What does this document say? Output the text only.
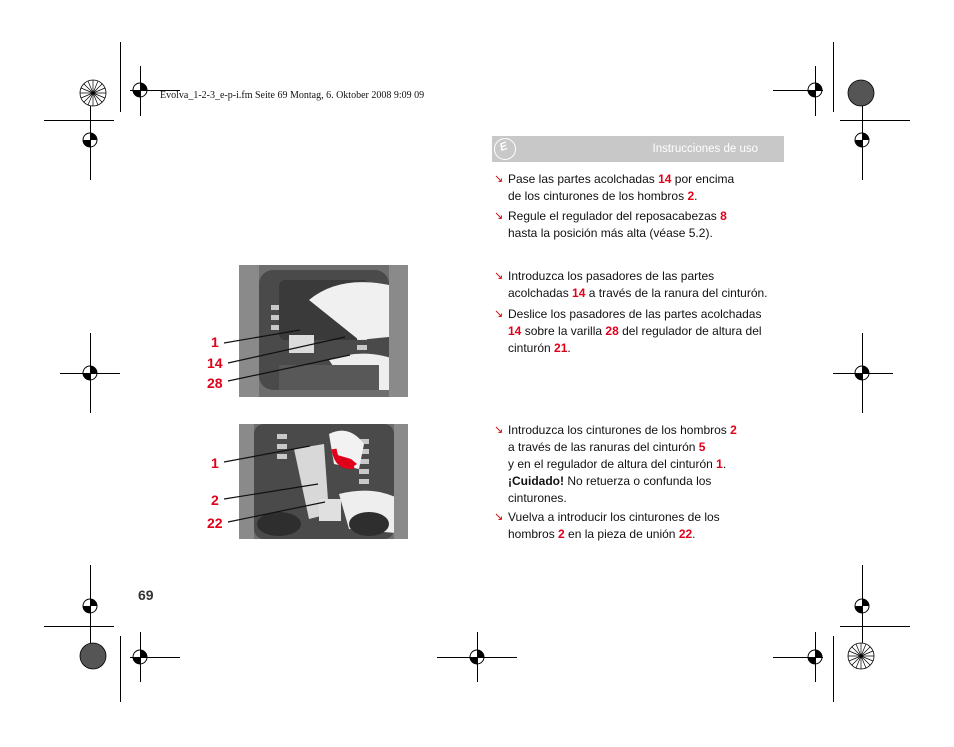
Evolva_1-2-3_e-p-i.fm Seite 69 Montag, 6. Oktober 2008 9:09 09
E	Instrucciones de uso
↘ Pase las partes acolchadas 14 por encima
de los cinturones de los hombros 2.
↘ Regule el regulador del reposacabezas 8
hasta la posición más alta (véase 5.2).
↘ Introduzca los pasadores de las partes
acolchadas 14 a través de la ranura del cinturón.
↘ Deslice los pasadores de las partes acolchadas
14 sobre la varilla 28 del regulador de altura del
cinturón 21.
↘ Introduzca los cinturones de los hombros 2
a través de las ranuras del cinturón 5
y en el regulador de altura del cinturón 1.
¡Cuidado! No retuerza o confunda los
cinturones.
↘ Vuelva a introducir los cinturones de los
hombros 2 en la pieza de unión 22.
1
14
28
1
2
22
69
